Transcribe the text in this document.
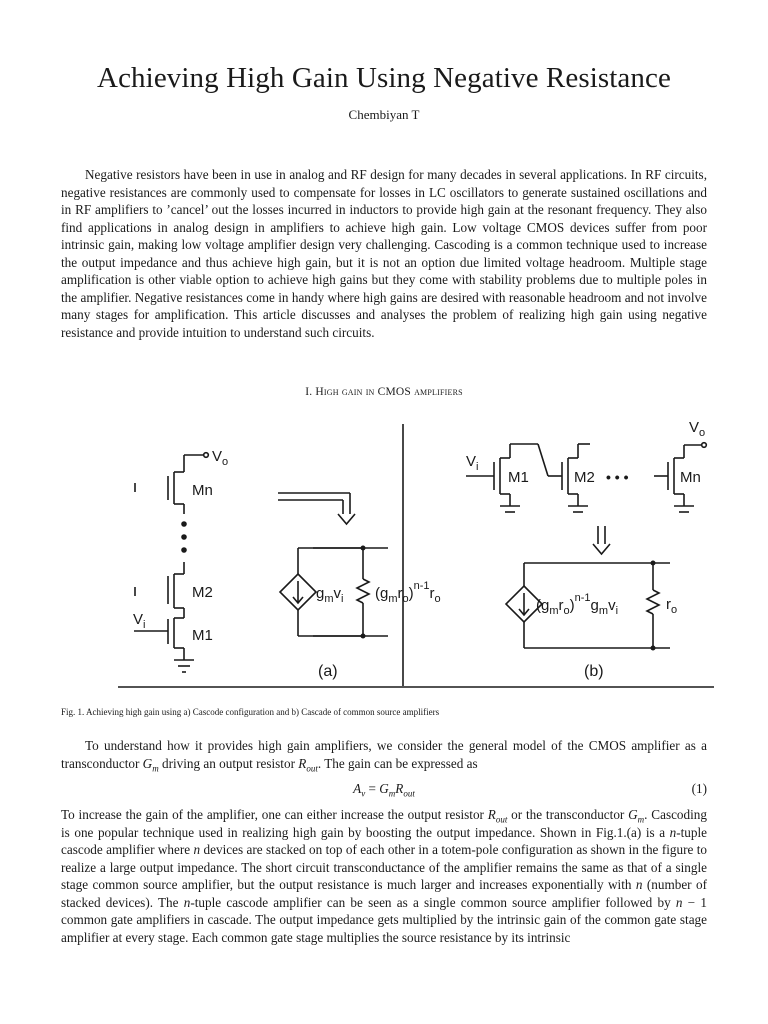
Achieving High Gain Using Negative Resistance
Chembiyan T

Negative resistors have been in use in analog and RF design for many decades in several applications. In RF circuits, negative resistances are commonly used to compensate for losses in LC oscillators to generate sustained oscillations and in RF amplifiers to ’cancel’ out the losses incurred in inductors to provide high gain at the resonant frequency. They also find applications in analog design in amplifiers to achieve high gain. Low voltage CMOS devices suffer from poor intrinsic gain, making low voltage amplifier design very challenging. Cascoding is a common technique used to increase the output impedance and thus achieve high gain, but it is not an option due limited voltage headroom. Multiple stage amplification is other viable option to achieve high gains but they come with stability problems due to multiple poles in the amplifier. Negative resistances come in handy where high gains are desired with reasonable headroom and not involve many stages for amplification. This article discusses and analyses the problem of realizing high gain using negative resistance and provide intuition to understand such circuits.

I. High gain in CMOS amplifiers
$V_o$
Mn
M2
M1
$V_i$
$g_mv_i$ $(g_mr_o)^{n-1}r_o$
(a)
$V_i$
M1	M2 • • •	Mn
$V_o$
$(g_mr_o)^{n-1}g_mv_i$	$r_o$
(b)
Fig. 1. Achieving high gain using a) Cascode configuration and b) Cascade of common source amplifiers

To understand how it provides high gain amplifiers, we consider the general model of the CMOS amplifier as a transconductor $G_m$ driving an output resistor $R_{out}$. The gain can be expressed as

$A_v = G_mR_{out}$	(1)

To increase the gain of the amplifier, one can either increase the output resistor $R_{out}$ or the transconductor $G_m$. Cascoding is one popular technique used in realizing high gain by boosting the output impedance. Shown in Fig.1.(a) is a n-tuple cascode amplifier where n devices are stacked on top of each other in a totem-pole configuration as shown in the figure to realize a large output impedance. The short circuit transconductance of the amplifier remains the same as that of a single stage common source amplifier, but the output resistance is much larger and increases exponentially with n (number of stacked devices). The n-tuple cascode amplifier can be seen as a single common source amplifier followed by n − 1 common gate amplifiers in cascade. The output impedance gets multiplied by the intrinsic gain of the common gate stage amplifier at every stage. Each common gate stage multiplies the source resistance by its intrinsic
